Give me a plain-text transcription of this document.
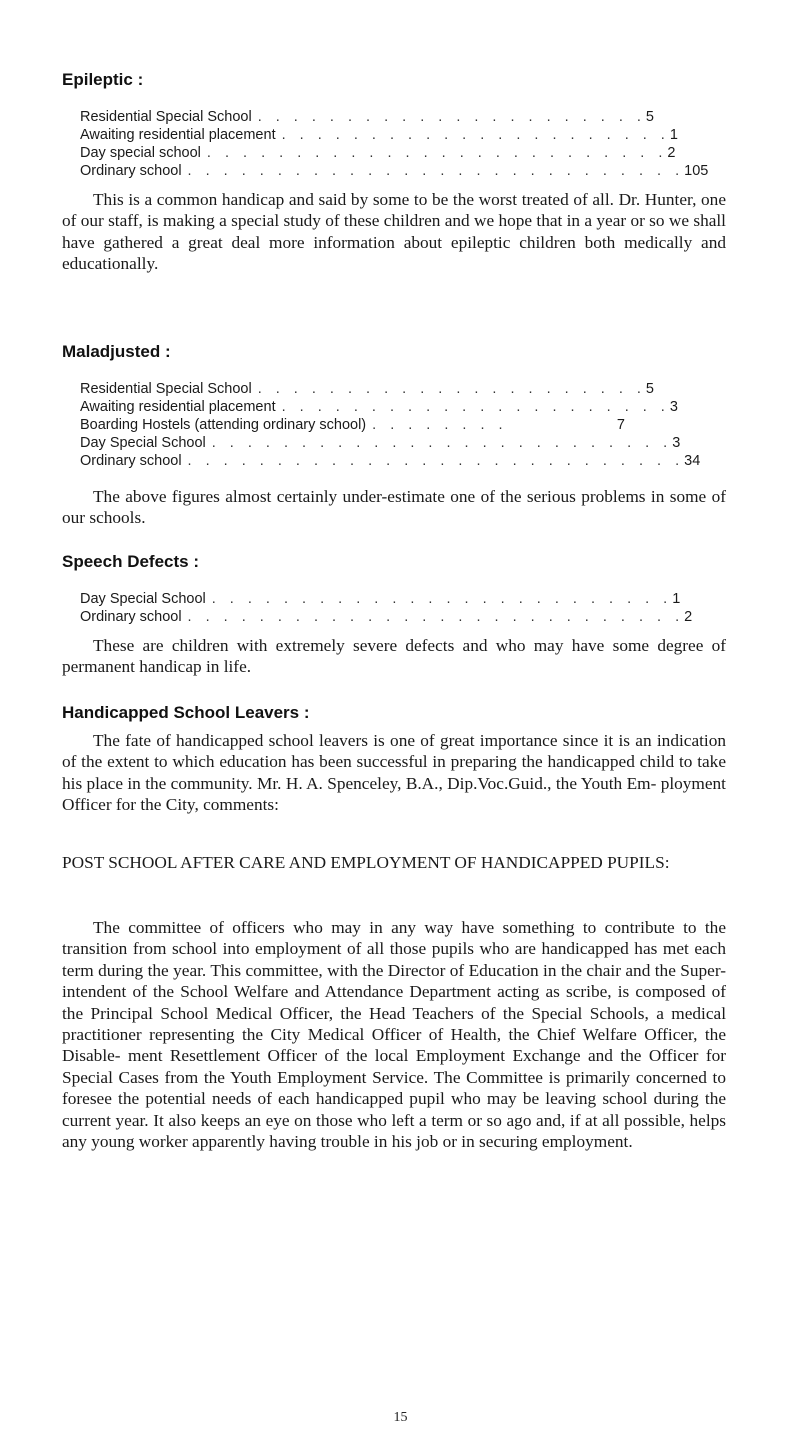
Epileptic :
Residential Special School . . . . . . . . . . . . . . . . . . . . . . 5
Awaiting residential placement . . . . . . . . . . . . . . . . . . . . . . 1
Day special school . . . . . . . . . . . . . . . . . . . . . . . . . . 2
Ordinary school . . . . . . . . . . . . . . . . . . . . . . . . . . . . 105

This is a common handicap and said by some to be the worst treated of all. Dr. Hunter, one of our staff, is making a special study of these children and we hope that in a year or so we shall have gathered a great deal more information about epileptic children both medically and educationally.

Maladjusted :
Residential Special School . . . . . . . . . . . . . . . . . . . . . . 5
Awaiting residential placement . . . . . . . . . . . . . . . . . . . . . . 3
Boarding Hostels (attending ordinary school) . . . . . . . .	7
Day Special School . . . . . . . . . . . . . . . . . . . . . . . . . . 3
Ordinary school . . . . . . . . . . . . . . . . . . . . . . . . . . . . 34

The above figures almost certainly under-estimate one of the serious problems in some of our schools.

Speech Defects :
Day Special School . . . . . . . . . . . . . . . . . . . . . . . . . . 1
Ordinary school . . . . . . . . . . . . . . . . . . . . . . . . . . . . 2

These are children with extremely severe defects and who may have some degree of permanent handicap in life.

Handicapped School Leavers :

The fate of handicapped school leavers is one of great importance since it is an indication of the extent to which education has been successful in preparing the handicapped child to take his place in the community. Mr. H. A. Spenceley, B.A., Dip.Voc.Guid., the Youth Em- ployment Officer for the City, comments:

POST SCHOOL AFTER CARE AND EMPLOYMENT OF HANDICAPPED PUPILS:

The committee of officers who may in any way have something to contribute to the transition from school into employment of all those pupils who are handicapped has met each term during the year. This committee, with the Director of Education in the chair and the Super- intendent of the School Welfare and Attendance Department acting as scribe, is composed of the Principal School Medical Officer, the Head Teachers of the Special Schools, a medical practitioner representing the City Medical Officer of Health, the Chief Welfare Officer, the Disable- ment Resettlement Officer of the local Employment Exchange and the Officer for Special Cases from the Youth Employment Service. The Committee is primarily concerned to foresee the potential needs of each handicapped pupil who may be leaving school during the current year. It also keeps an eye on those who left a term or so ago and, if at all possible, helps any young worker apparently having trouble in his job or in securing employment.

15
